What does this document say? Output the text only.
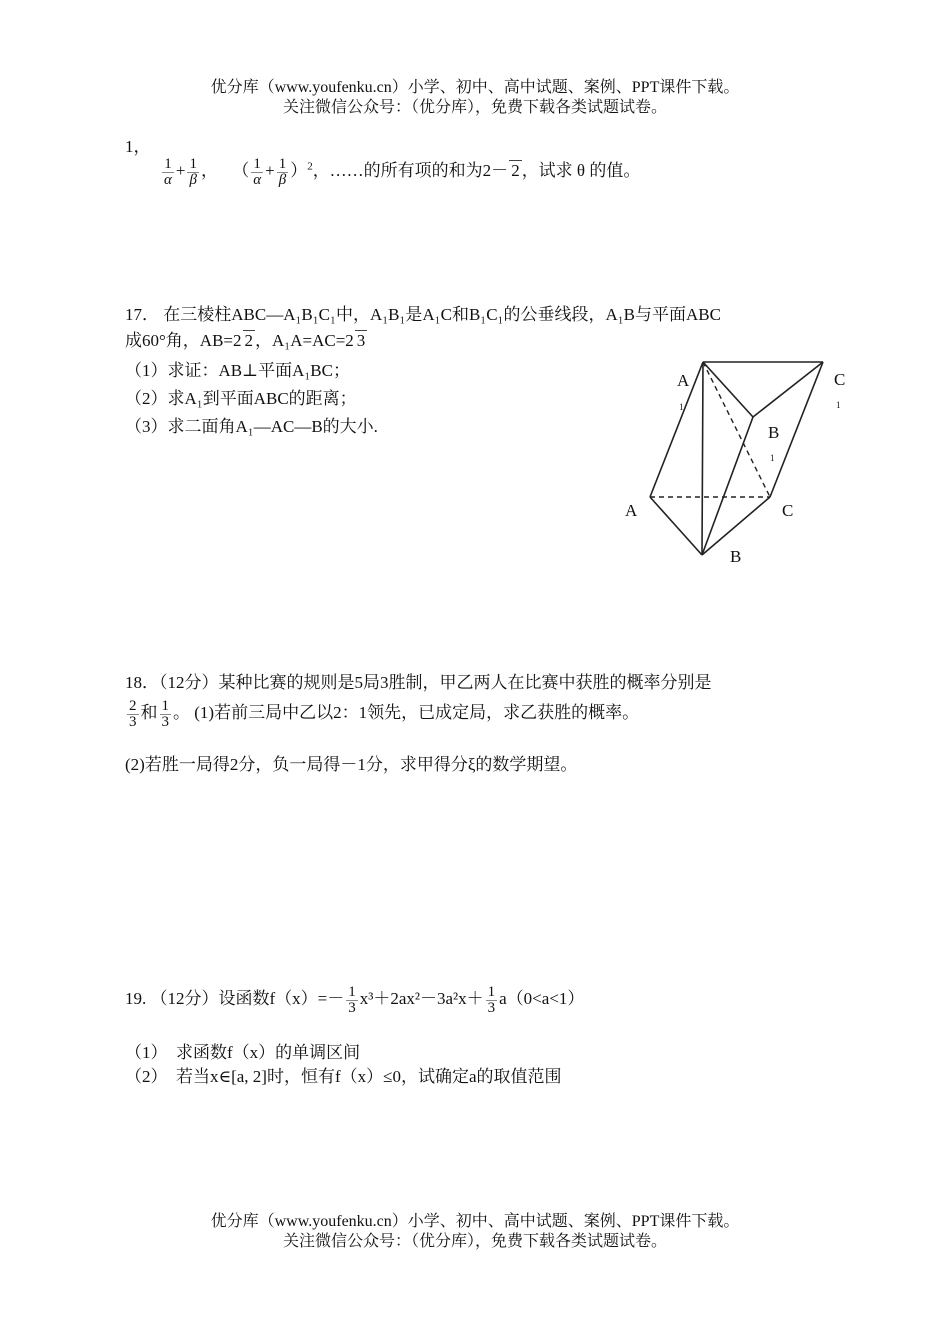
优分库（www.youfenku.cn）小学、初中、高中试题、案例、PPT课件下载。
关注微信公众号：（优分库），免费下载各类试题试卷。
1，
$\frac{1}{\alpha} + \frac{1}{\beta}$ ， （ $\frac{1}{\alpha} + \frac{1}{\beta} )^2$，……的所有项的和为2－ 2 ，试求 θ 的值。
17． 在三棱柱ABC—A₁B₁C₁中，A₁B₁是A₁C和B₁C₁的公垂线段，A₁B与平面ABC
成60°角，AB=2 2 ，A₁A=AC=2 3
（1）求证：AB⊥平面A₁BC；
（2）求A₁到平面ABC的距离；
（3）求二面角A₁—AC—B的大小.
A
1
C
1
B
1
A	C
B
18．（12分）某种比赛的规则是5局3胜制，甲乙两人在比赛中获胜的概率分别是
$\frac{2}{3}$ 和 $\frac{1}{3}$ 。 (1)若前三局中乙以2：1领先，已成定局，求乙获胜的概率。
(2)若胜一局得2分，负一局得－1分，求甲得分ξ的数学期望。
19. （12分）设函数$f(x)=- \frac{1}{3} x^3+2ax^2-3a^2x+ \frac{1}{3} a(0<a<1)$
（1）　求函数f（x）的单调区间
（2）　若当x∈[a, 2]时，恒有f（x）≤0，试确定a的取值范围
优分库（www.youfenku.cn）小学、初中、高中试题、案例、PPT课件下载。
关注微信公众号：（优分库），免费下载各类试题试卷。
